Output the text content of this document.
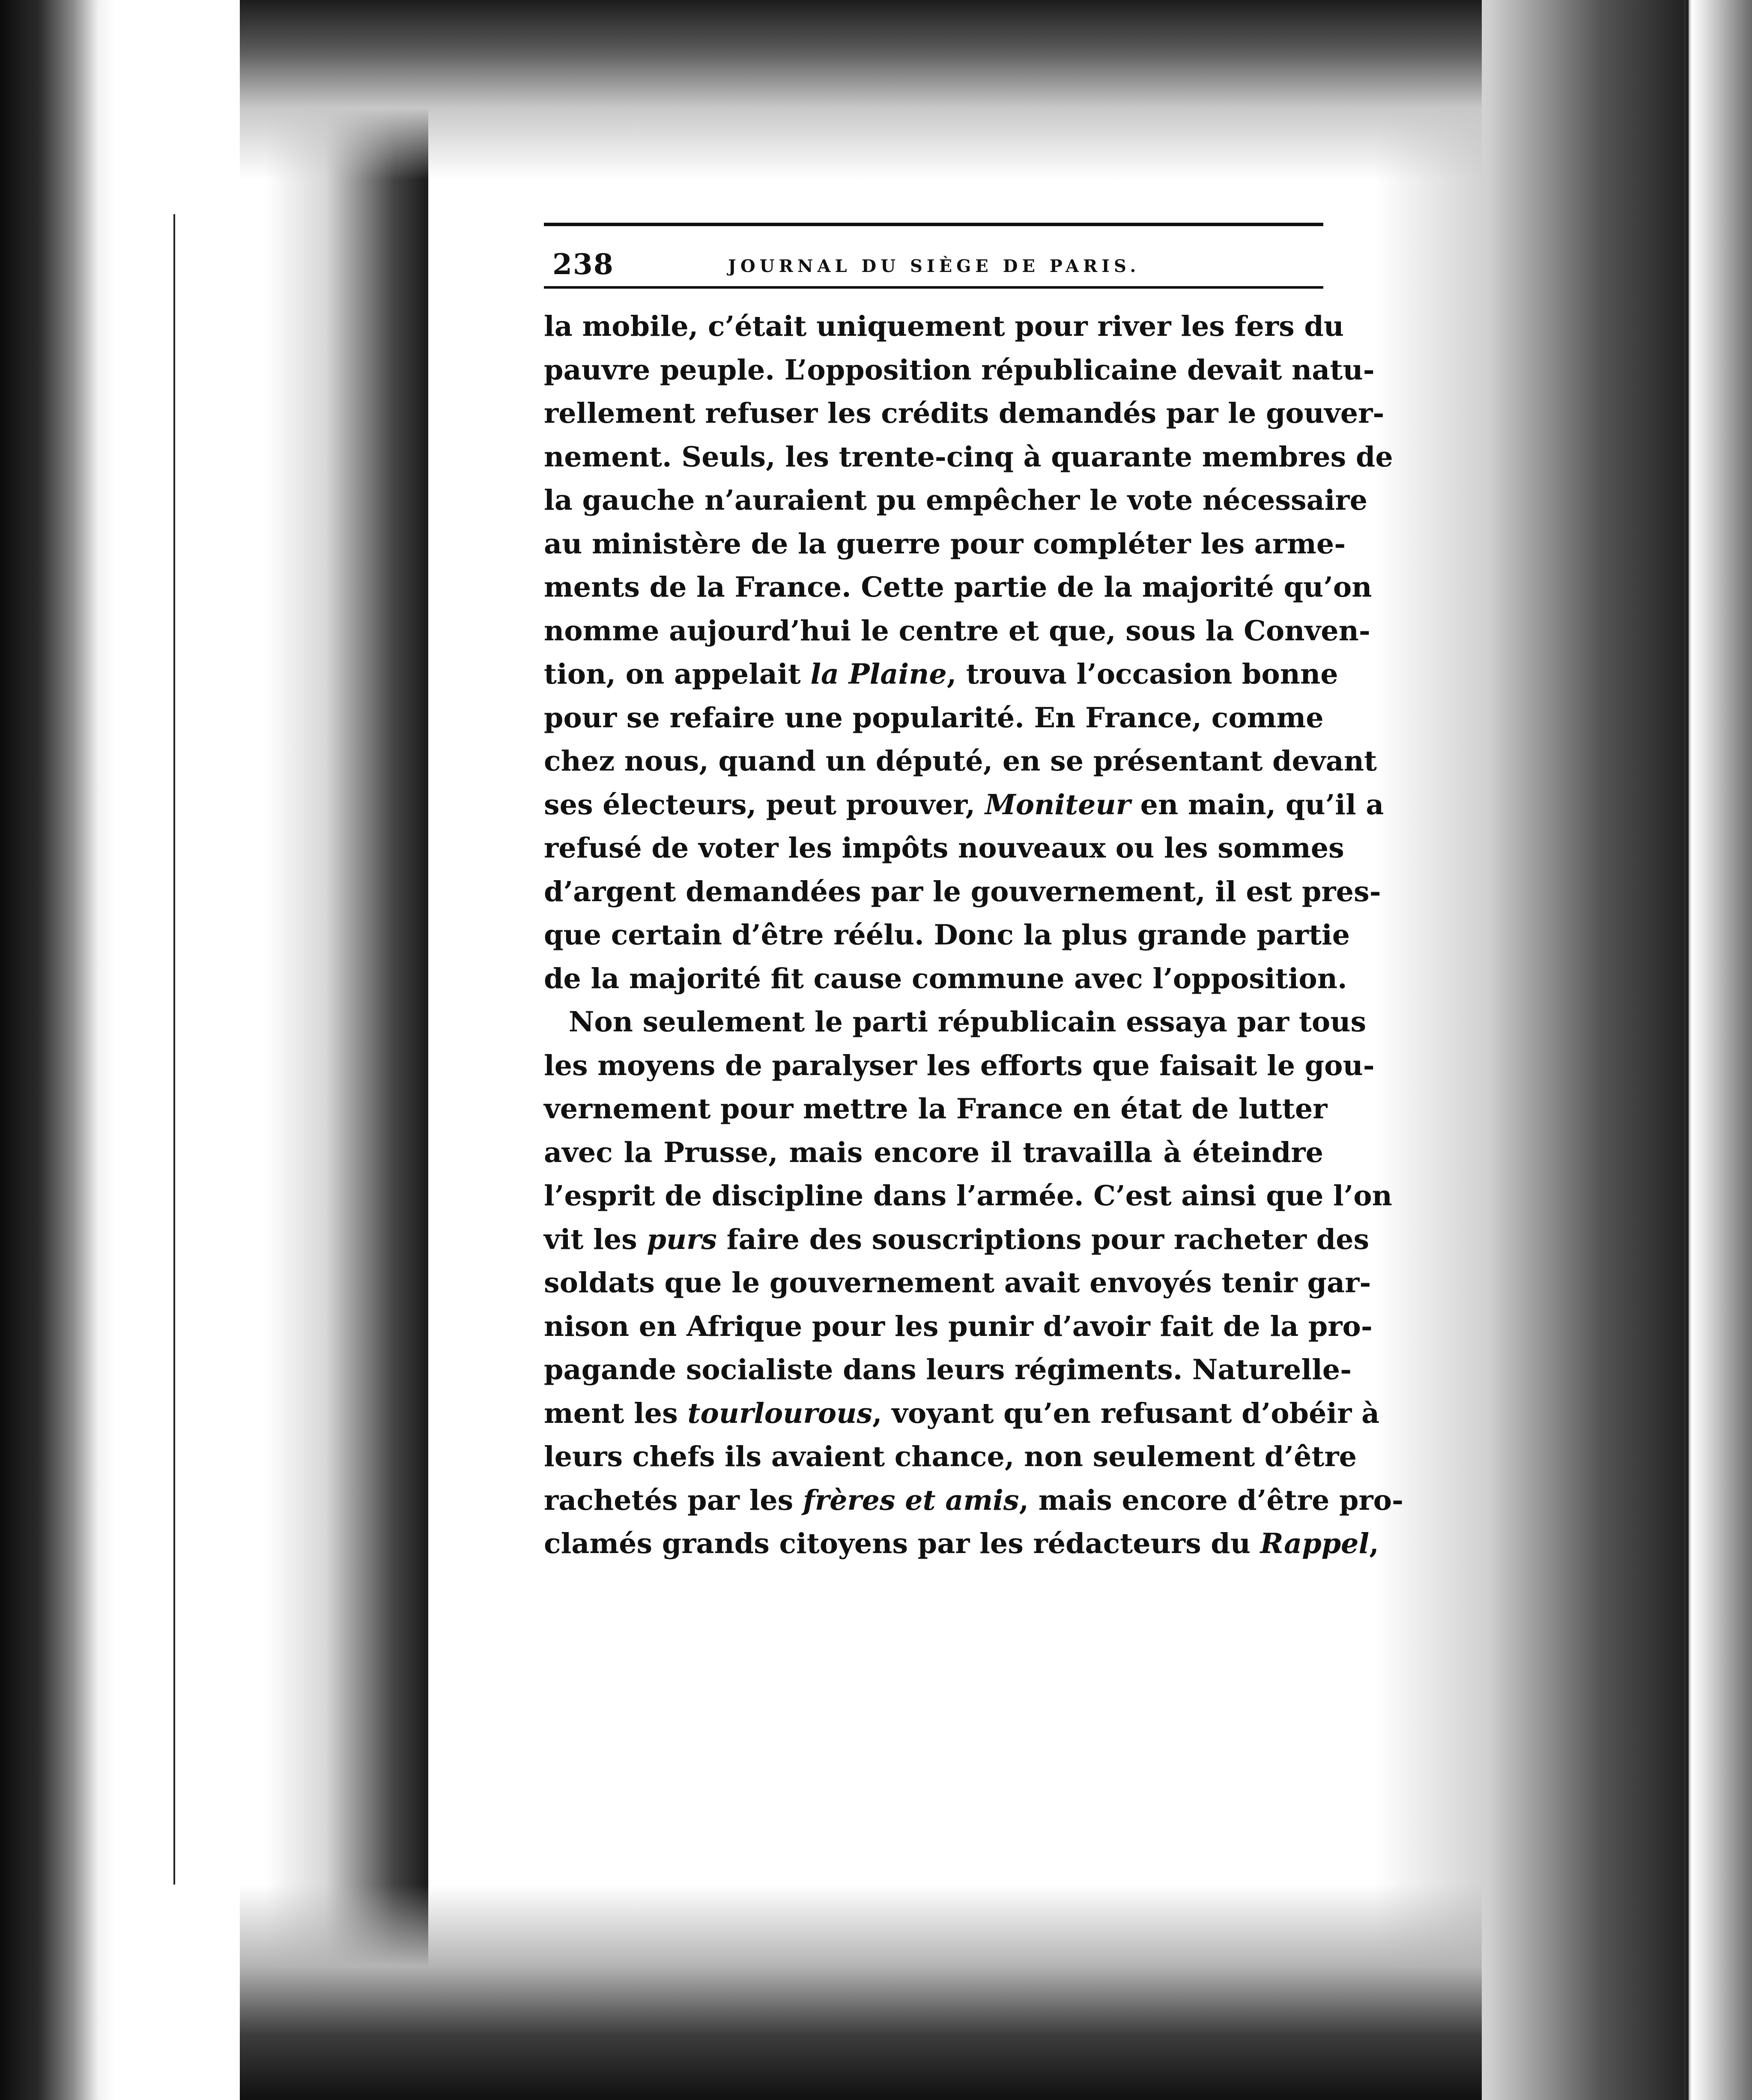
238	JOURNAL DU SIÈGE DE PARIS.
la mobile, c’était uniquement pour river les fers du
pauvre peuple. L’opposition républicaine devait natu-
rellement refuser les crédits demandés par le gouver-
nement. Seuls, les trente-cinq à quarante membres de
la gauche n’auraient pu empêcher le vote nécessaire
au ministère de la guerre pour compléter les arme-
ments de la France. Cette partie de la majorité qu’on
nomme aujourd’hui le centre et que, sous la Conven-
tion, on appelait la Plaine, trouva l’occasion bonne
pour se refaire une popularité. En France, comme
chez nous, quand un député, en se présentant devant
ses électeurs, peut prouver, Moniteur en main, qu’il a
refusé de voter les impôts nouveaux ou les sommes
d’argent demandées par le gouvernement, il est pres-
que certain d’être réélu. Donc la plus grande partie
de la majorité fit cause commune avec l’opposition.
Non seulement le parti républicain essaya par tous
les moyens de paralyser les efforts que faisait le gou-
vernement pour mettre la France en état de lutter
avec la Prusse, mais encore il travailla à éteindre
l’esprit de discipline dans l’armée. C’est ainsi que l’on
vit les purs faire des souscriptions pour racheter des
soldats que le gouvernement avait envoyés tenir gar-
nison en Afrique pour les punir d’avoir fait de la pro-
pagande socialiste dans leurs régiments. Naturelle-
ment les tourlourous, voyant qu’en refusant d’obéir à
leurs chefs ils avaient chance, non seulement d’être
rachetés par les frères et amis, mais encore d’être pro-
clamés grands citoyens par les rédacteurs du Rappel,
